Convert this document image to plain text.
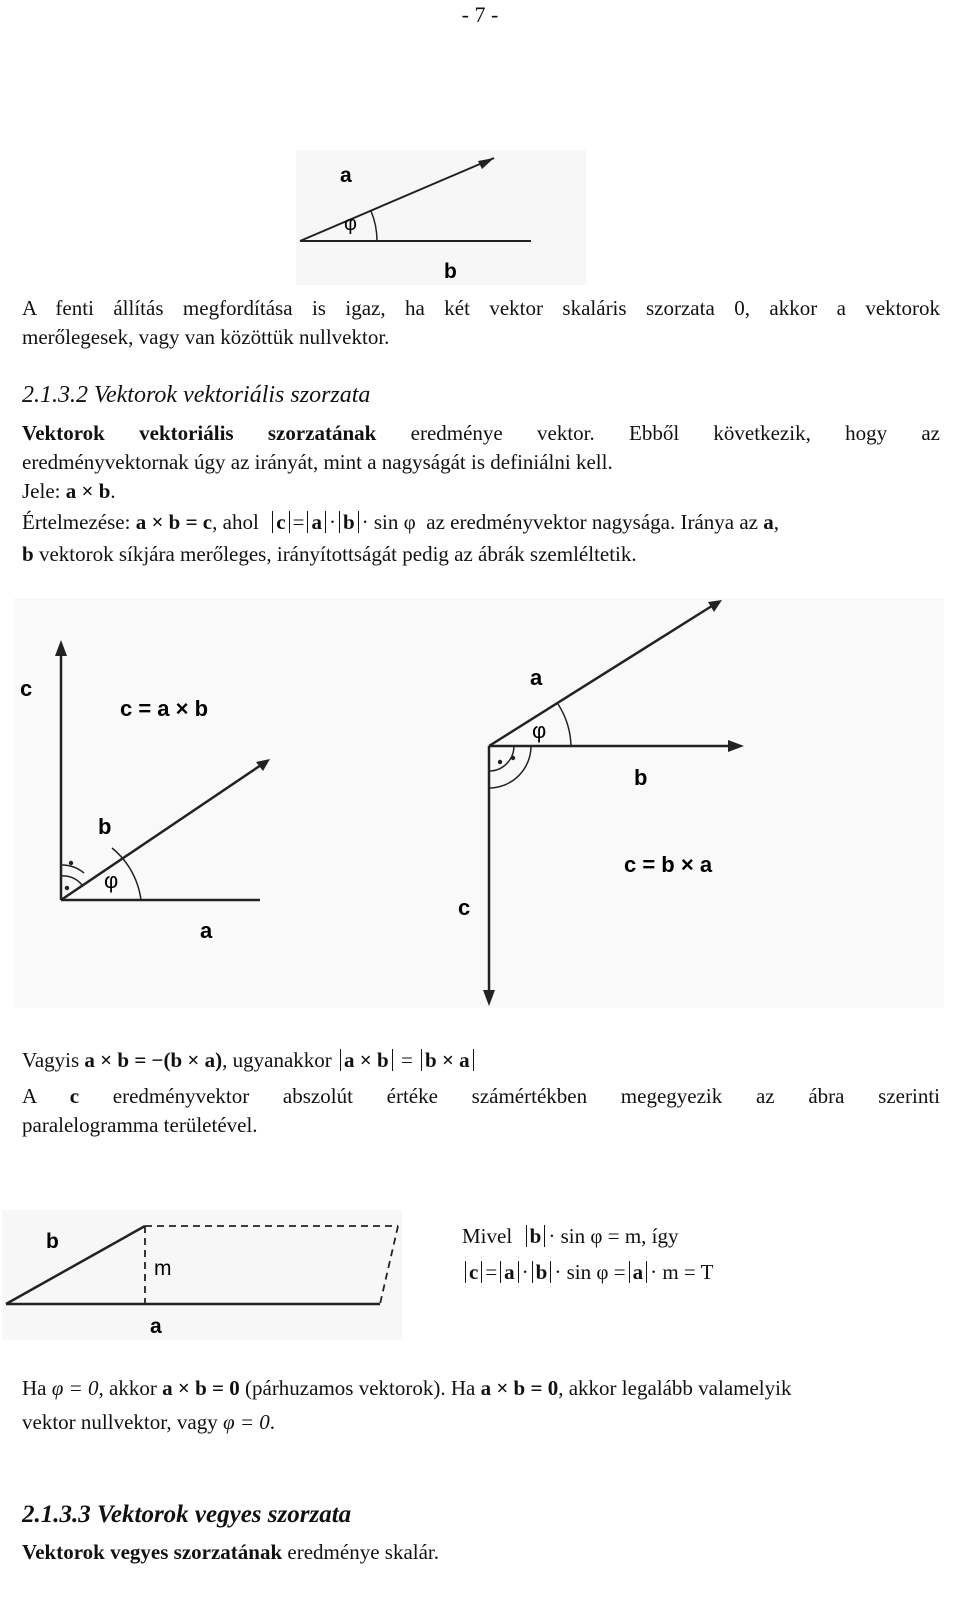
- 7 -
a
φ
b
A fenti állítás megfordítása is igaz, ha két vektor skaláris szorzata 0, akkor a vektorok
merőlegesek, vagy van közöttük nullvektor.
2.1.3.2 Vektorok vektoriális szorzata
Vektorok vektoriális szorzatának eredménye vektor. Ebből következik, hogy az
eredményvektornak úgy az irányát, mint a nagyságát is definiálni kell.
Jele: a × b.
Értelmezése: a × b = c, ahol c = a · b · sin φ az eredményvektor nagysága. Iránya az a,
b vektorok síkjára merőleges, irányítottságát pedig az ábrák szemléltetik.
c
c = a × b
b
φ
a
a
φ
b
c = b × a
c
Vagyis a × b = −(b × a), ugyanakkor a × b = b × a
A c eredményvektor abszolút értéke számértékben megegyezik az ábra szerinti
paralelogramma területével.
b
m
a
Mivel b · sin φ = m, így
c = a · b · sin φ = a · m = T
Ha φ = 0, akkor a × b = 0 (párhuzamos vektorok). Ha a × b = 0, akkor legalább valamelyik
vektor nullvektor, vagy φ = 0.
2.1.3.3 Vektorok vegyes szorzata
Vektorok vegyes szorzatának eredménye skalár.
